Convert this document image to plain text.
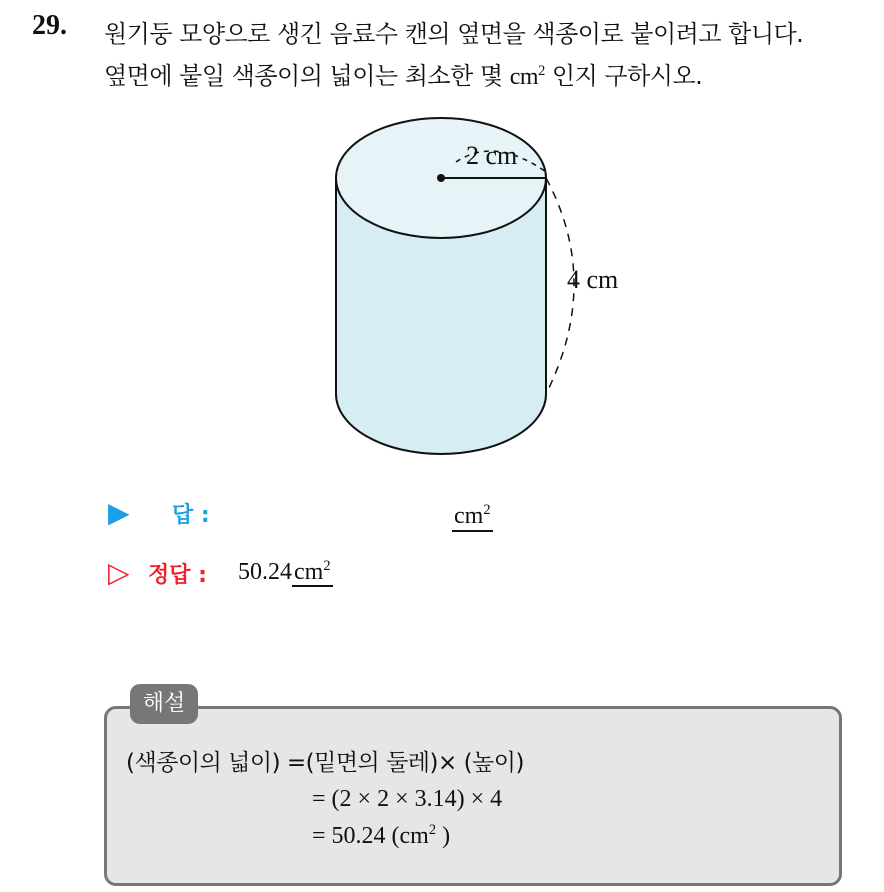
29. 원기둥 모양으로 생긴 음료수 캔의 옆면을 색종이로 붙이려고 합니다.
옆면에 붙일 색종이의 넓이는 최소한 몇 $cm^2$ 인지 구하시오.
2 cm
4 cm
▶ 답 :	$cm^2$
▷ 정답 : $50.24cm^2$
해설
(색종이의 넓이) =(밑면의 둘레)× (높이)
= (2 × 2 × 3.14) × 4
= 50.24 ($cm^2$ )
